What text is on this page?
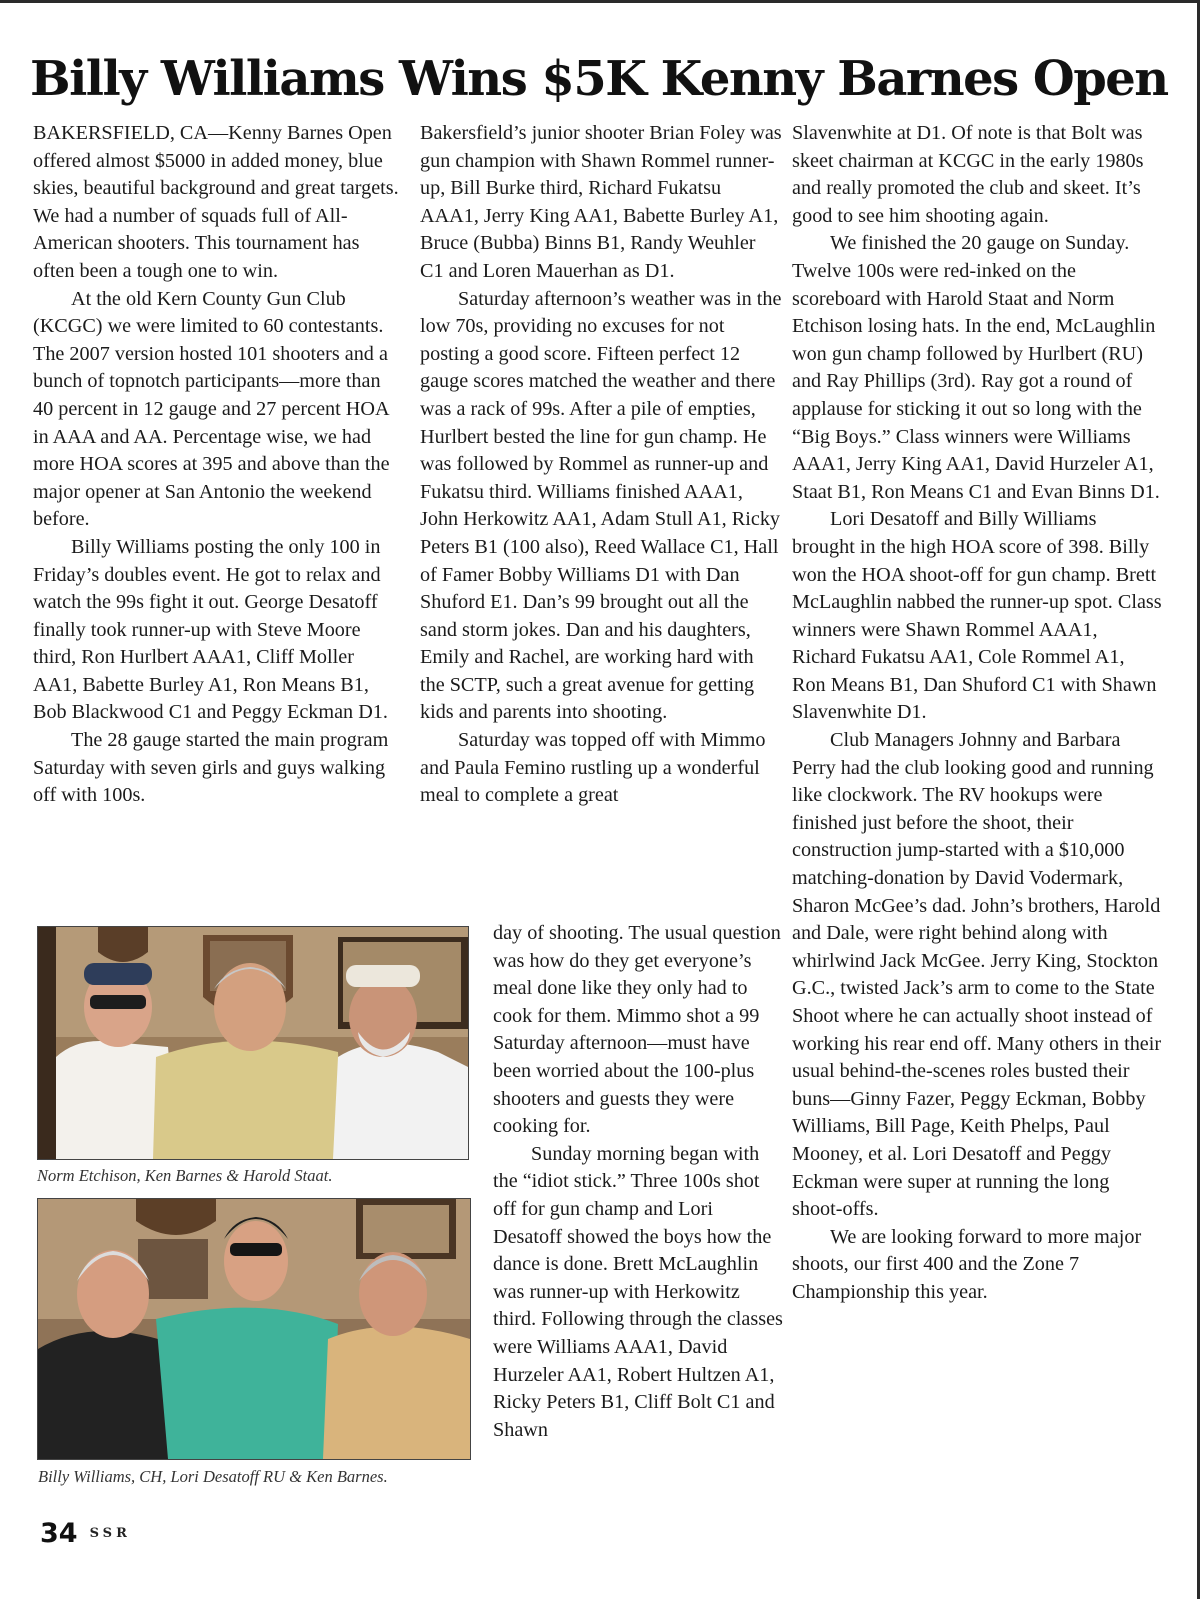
Billy Williams Wins $5K Kenny Barnes Open

BAKERSFIELD, CA—Kenny Barnes Open offered almost $5000 in added money, blue skies, beautiful background and great targets. We had a number of squads full of All-American shooters. This tournament has often been a tough one to win.

At the old Kern County Gun Club (KCGC) we were limited to 60 contestants. The 2007 version hosted 101 shooters and a bunch of topnotch participants—more than 40 percent in 12 gauge and 27 percent HOA in AAA and AA. Percentage wise, we had more HOA scores at 395 and above than the major opener at San Antonio the weekend before.

Billy Williams posting the only 100 in Friday’s doubles event. He got to relax and watch the 99s fight it out. George Desatoff finally took runner-up with Steve Moore third, Ron Hurlbert AAA1, Cliff Moller AA1, Babette Burley A1, Ron Means B1, Bob Blackwood C1 and Peggy Eckman D1.

The 28 gauge started the main program Saturday with seven girls and guys walking off with 100s.

Bakersfield’s junior shooter Brian Foley was gun champion with Shawn Rommel runner-up, Bill Burke third, Richard Fukatsu AAA1, Jerry King AA1, Babette Burley A1, Bruce (Bubba) Binns B1, Randy Weuhler C1 and Loren Mauerhan as D1.

Saturday afternoon’s weather was in the low 70s, providing no excuses for not posting a good score. Fifteen perfect 12 gauge scores matched the weather and there was a rack of 99s. After a pile of empties, Hurlbert bested the line for gun champ. He was followed by Rommel as runner-up and Fukatsu third. Williams finished AAA1, John Herkowitz AA1, Adam Stull A1, Ricky Peters B1 (100 also), Reed Wallace C1, Hall of Famer Bobby Williams D1 with Dan Shuford E1. Dan’s 99 brought out all the sand storm jokes. Dan and his daughters, Emily and Rachel, are working hard with the SCTP, such a great avenue for getting kids and parents into shooting.

Saturday was topped off with Mimmo and Paula Femino rustling up a wonderful meal to complete a great

day of shooting. The usual question was how do they get everyone’s meal done like they only had to cook for them. Mimmo shot a 99 Saturday afternoon—must have been worried about the 100-plus shooters and guests they were cooking for.

Sunday morning began with the “idiot stick.” Three 100s shot off for gun champ and Lori Desatoff showed the boys how the dance is done. Brett McLaughlin was runner-up with Herkowitz third. Following through the classes were Williams AAA1, David Hurzeler AA1, Robert Hultzen A1, Ricky Peters B1, Cliff Bolt C1 and Shawn

Slavenwhite at D1. Of note is that Bolt was skeet chairman at KCGC in the early 1980s and really promoted the club and skeet. It’s good to see him shooting again.

We finished the 20 gauge on Sunday. Twelve 100s were red-inked on the scoreboard with Harold Staat and Norm Etchison losing hats. In the end, McLaughlin won gun champ followed by Hurlbert (RU) and Ray Phillips (3rd). Ray got a round of applause for sticking it out so long with the “Big Boys.” Class winners were Williams AAA1, Jerry King AA1, David Hurzeler A1, Staat B1, Ron Means C1 and Evan Binns D1.

Lori Desatoff and Billy Williams brought in the high HOA score of 398. Billy won the HOA shoot-off for gun champ. Brett McLaughlin nabbed the runner-up spot. Class winners were Shawn Rommel AAA1, Richard Fukatsu AA1, Cole Rommel A1, Ron Means B1, Dan Shuford C1 with Shawn Slavenwhite D1.

Club Managers Johnny and Barbara Perry had the club looking good and running like clockwork. The RV hookups were finished just before the shoot, their construction jump-started with a $10,000 matching-donation by David Vodermark, Sharon McGee’s dad. John’s brothers, Harold and Dale, were right behind along with whirlwind Jack McGee. Jerry King, Stockton G.C., twisted Jack’s arm to come to the State Shoot where he can actually shoot instead of working his rear end off. Many others in their usual behind-the-scenes roles busted their buns—Ginny Fazer, Peggy Eckman, Bobby Williams, Bill Page, Keith Phelps, Paul Mooney, et al. Lori Desatoff and Peggy Eckman were super at running the long shoot-offs.

We are looking forward to more major shoots, our first 400 and the Zone 7 Championship this year.

Norm Etchison, Ken Barnes & Harold Staat.
Billy Williams, CH, Lori Desatoff RU & Ken Barnes.
34 $^{SSR}$
